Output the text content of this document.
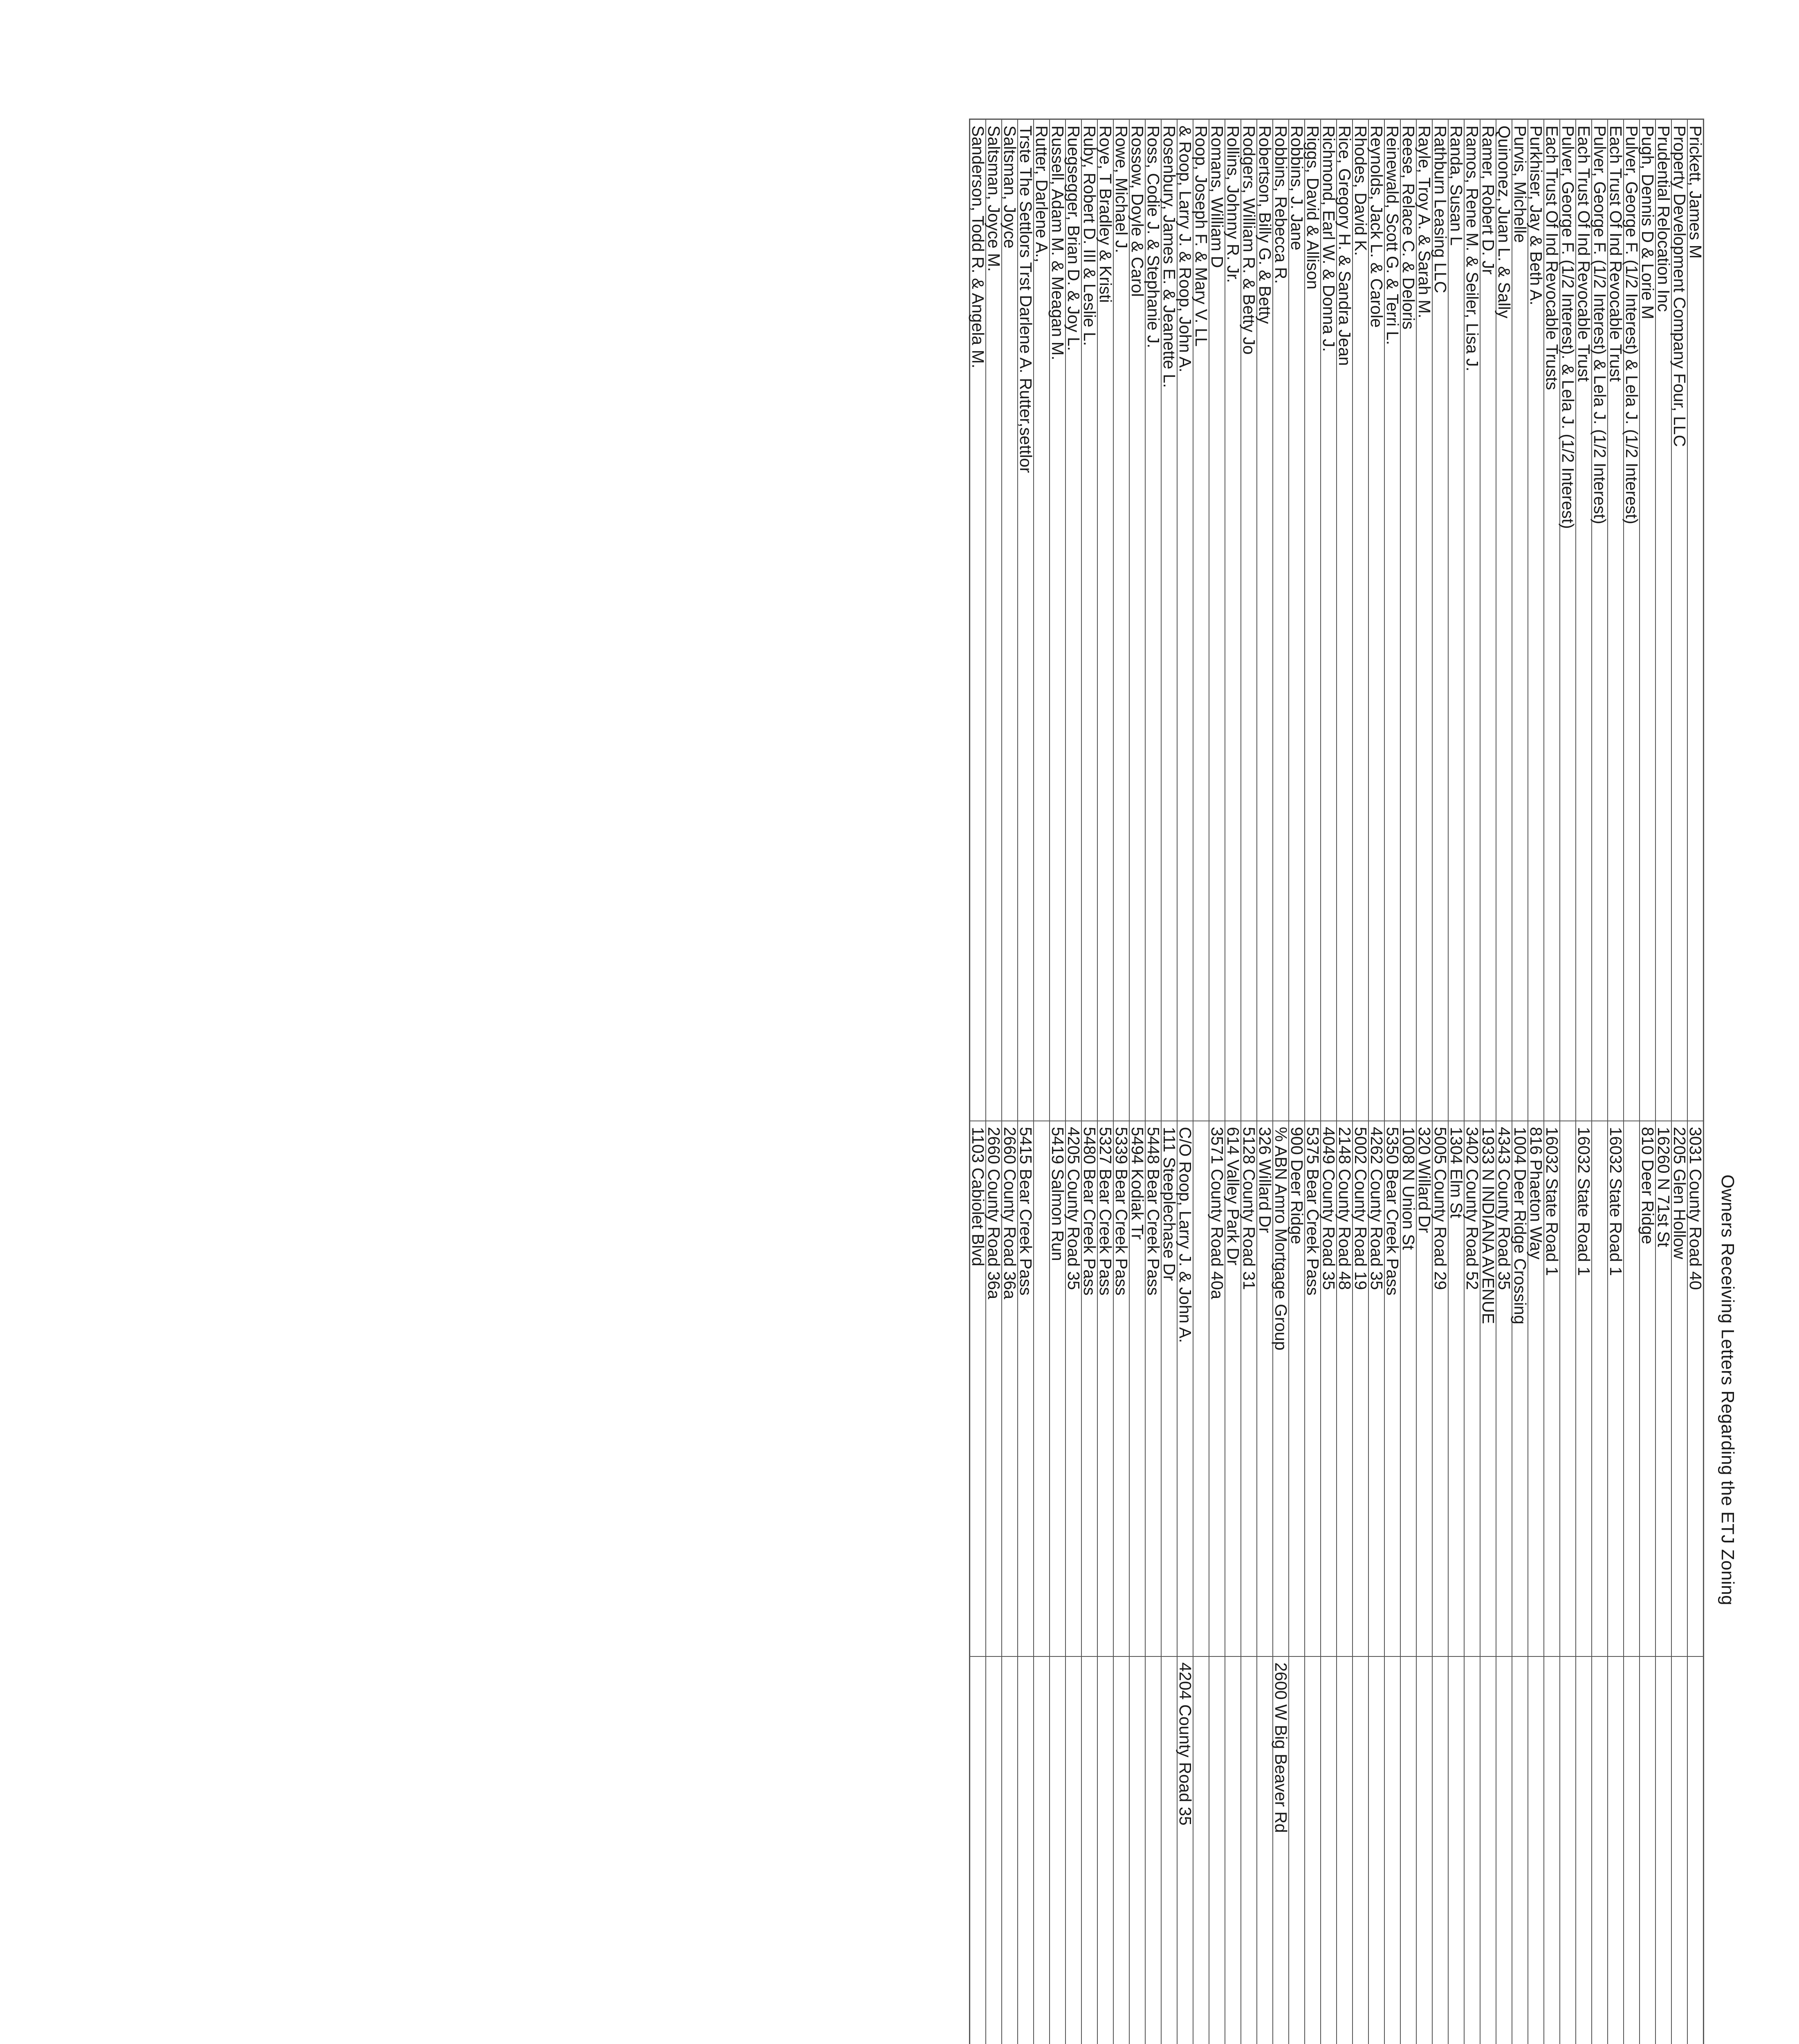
Owners Receiving Letters Regarding the ETJ Zoning
Prickett, James M	3031 County Road 40				
Property Development Company Four, LLC	2205 Glen Hollow				
Prudential Relocation Inc	16260 N 71st St				
Pugh, Dennis D & Lorie M	810 Deer Ridge				
Pulver, George F. (1/2 Interest) & Lela J. (1/2 Interest)					
Each Trust Of Ind Revocable Trust	16032 State Road 1				
Pulver, George F. (1/2 Interest) & Lela J. (1/2 Interest)					
Each Trust Of Ind Revocable Trust	16032 State Road 1				
Pulver, George F. (1/2 Interest). & Lela J. (1/2 Interest)					
Each Trust Of Ind Revocable Trusts	16032 State Road 1				
Purkhiser, Jay & Beth A.	816 Phaeton Way				
Purvis, Michelle	1004 Deer Ridge Crossing				
Quinonez, Juan L. & Sally	4343 County Road 35				
Ramer, Robert D. Jr	1933 N INDIANA AVENUE				
Ramos, Rene M. & Seiler, Lisa J.	3402 County Road 52				
Randa, Susan L	1304 Elm St				
Rathburn Leasing LLC	5005 County Road 29				
Rayle, Troy A. & Sarah M.	320 Willard Dr				
Reese, Relace C. & Deloris	1008 N Union St				
Reinewald, Scott G. & Terri L.	5350 Bear Creek Pass				
Reynolds, Jack L. & Carole	4262 County Road 35				
Rhodes, David K.	5002 County Road 19				
Rice, Gregory H. & Sandra Jean	2148 County Road 48				
Richmond, Earl W. & Donna J.	4049 County Road 35				
Riggs, David & Allison	5375 Bear Creek Pass				
Robbins, J. Jane	900 Deer Ridge				
Robbins, Rebecca R.	% ABN Amro Mortgage Group	2600 W Big Beaver Rd			
Robertson, Billy G. & Betty	326 Willard Dr				
Rodgers, William R. & Betty Jo	5128 County Road 31				
Rollins, Johnny R. Jr.	614 Valley Park Dr				
Romans, William D	3571 County Road 40a				
Roop, Joseph F. & Mary V. LL					
& Roop, Larry J. & Roop, John A.	C/O Roop, Larry J. & John A.	4204 County Road 35			
Rosenbury, James E. & Jeanette L.	111 Steeplechase Dr				
Ross, Codie J. & Stephanie J.	5448 Bear Creek Pass				
Rossow, Doyle & Carol	5494 Kodiak Tr				
Rowe, Michael J.	5339 Bear Creek Pass				
Roye, T Bradley & Kristi	5327 Bear Creek Pass				
Ruby, Robert D. III & Leslie L.	5480 Bear Creek Pass				
Ruegsegger, Brian D. & Joy L.	4205 County Road 35				
Russell, Adam M. & Meagan M.	5419 Salmon Run				
Rutter, Darlene A.,					
Trste The Settlors Trst Darlene A. Rutter,settlor	5415 Bear Creek Pass				
Saltsman, Joyce	2660 County Road 36a				
Saltsman, Joyce M.	2660 County Road 36a				
Sanderson, Todd R. & Angela M.	1103 Cabiolet Blvd				
